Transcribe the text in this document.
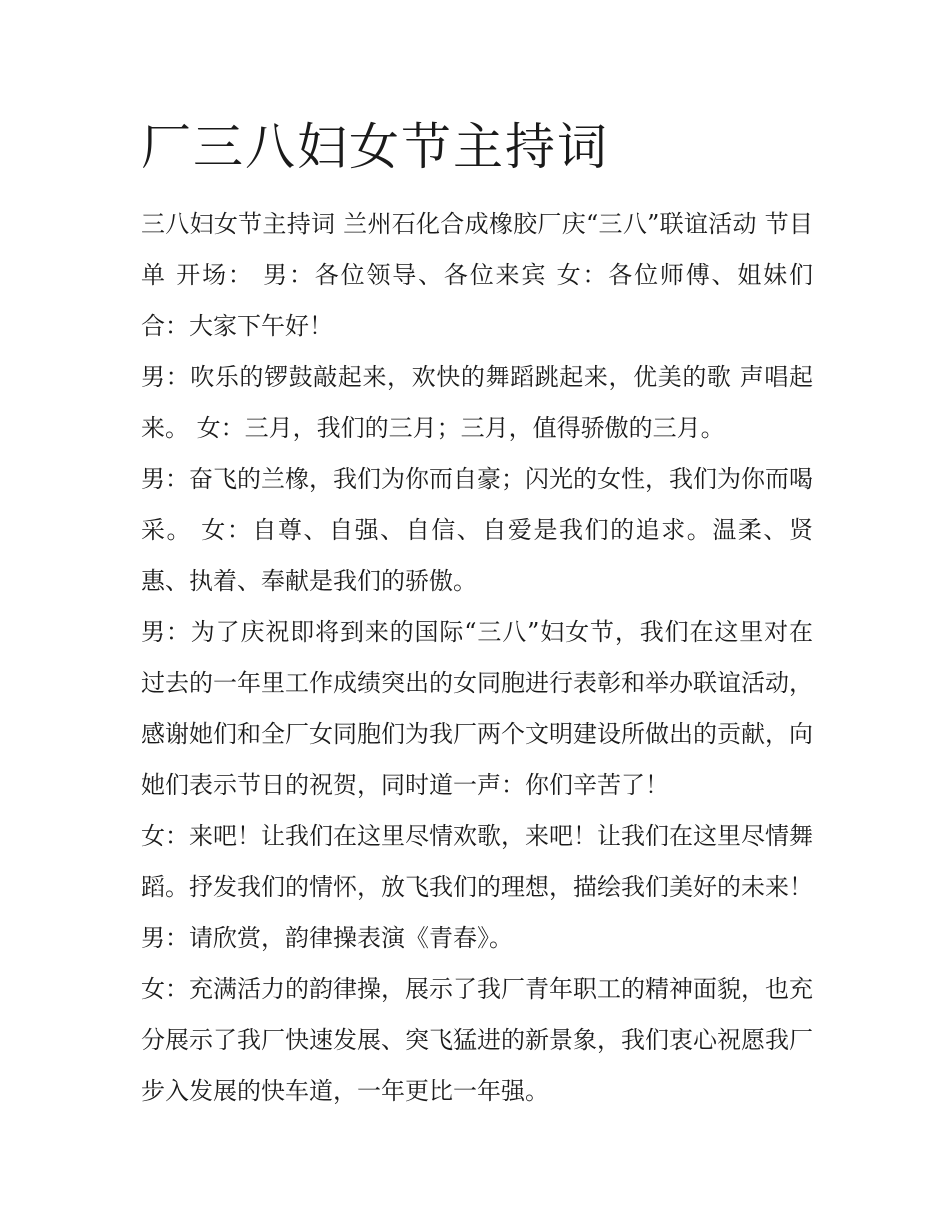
厂三八妇女节主持词

三八妇女节主持词 兰州石化合成橡胶厂庆“三八”联谊活动 节目单 开场： 男：各位领导、各位来宾 女：各位师傅、姐妹们 合：大家下午好！

男：吹乐的锣鼓敲起来，欢快的舞蹈跳起来，优美的歌 声唱起来。 女：三月，我们的三月；三月，值得骄傲的三月。

男：奋飞的兰橡，我们为你而自豪；闪光的女性，我们为你而喝采。 女：自尊、自强、自信、自爱是我们的追求。温柔、贤惠、执着、奉献是我们的骄傲。

男：为了庆祝即将到来的国际“三八”妇女节，我们在这里对在过去的一年里工作成绩突出的女同胞进行表彰和举办联谊活动，感谢她们和全厂女同胞们为我厂两个文明建设所做出的贡献，向她们表示节日的祝贺，同时道一声：你们辛苦了！

女：来吧！让我们在这里尽情欢歌，来吧！让我们在这里尽情舞蹈。抒发我们的情怀，放飞我们的理想，描绘我们美好的未来！ 男：请欣赏，韵律操表演《青春》。

女：充满活力的韵律操，展示了我厂青年职工的精神面貌，也充分展示了我厂快速发展、突飞猛进的新景象，我们衷心祝愿我厂步入发展的快车道，一年更比一年强。
